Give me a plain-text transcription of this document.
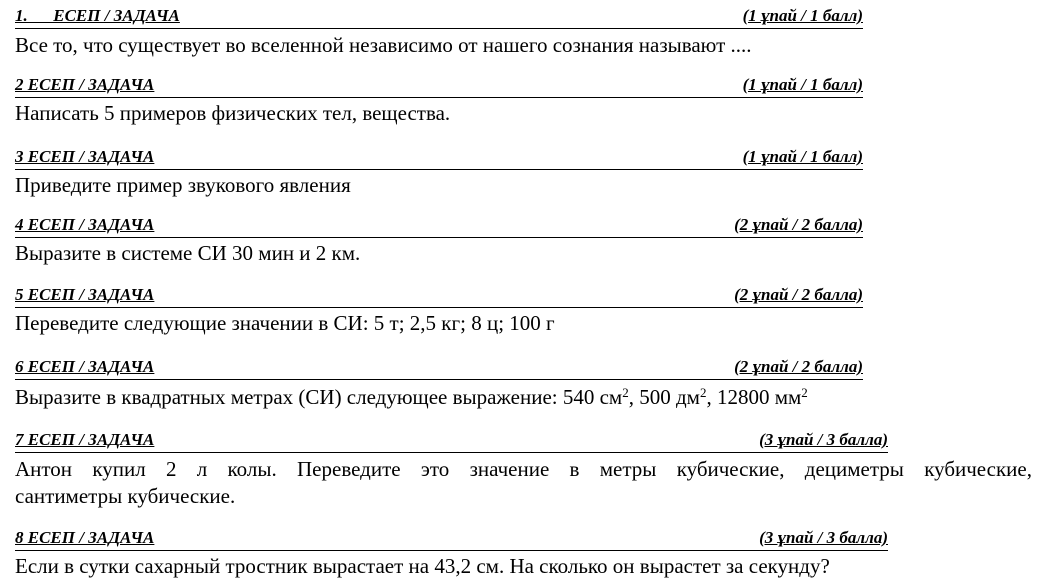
1.      ЕСЕП / ЗАДАЧА	(1 ұпай / 1 балл)
Все то, что существует во вселенной независимо от нашего сознания называют ....
2 ЕСЕП / ЗАДАЧА	(1 ұпай / 1 балл)
Написать 5 примеров физических тел, вещества.
3 ЕСЕП / ЗАДАЧА	(1 ұпай / 1 балл)
Приведите пример звукового явления
4 ЕСЕП / ЗАДАЧА	(2 ұпай / 2 балла)
Выразите в системе СИ 30 мин и 2 км.
5 ЕСЕП / ЗАДАЧА	(2 ұпай / 2 балла)
Переведите следующие значении в СИ: 5 т; 2,5 кг; 8 ц; 100 г
6 ЕСЕП / ЗАДАЧА	(2 ұпай / 2 балла)
Выразите в квадратных метрах (СИ) следующее выражение: 540 $см^2$, 500 $дм^2$, 12800 $мм^2$
7 ЕСЕП / ЗАДАЧА	(3 ұпай / 3 балла)
Антон купил 2 л колы. Переведите это значение в метры кубические, дециметры кубические,
сантиметры кубические.
8 ЕСЕП / ЗАДАЧА	(3 ұпай / 3 балла)
Если в сутки сахарный тростник вырастает на 43,2 см. На сколько он вырастет за секунду?
